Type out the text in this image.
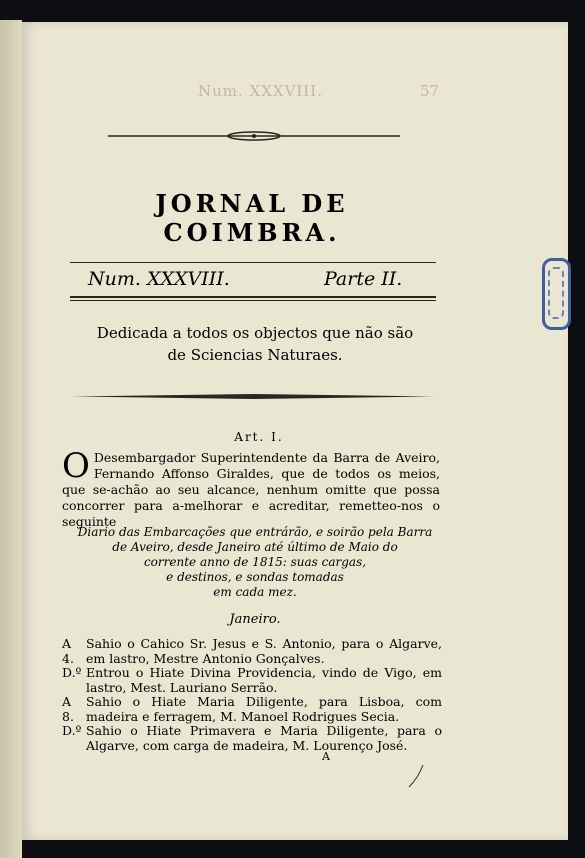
Num. XXXVIII.	57
JORNAL DE COIMBRA.
Num. XXXVIII.	Parte II.
Dedicada a todos os objectos que não são
de Sciencias Naturaes.
Art. I.
O Desembargador Superintendente da Barra de Aveiro, Fernando Affonso Giraldes, que de todos os meios, que se-achão ao seu alcance, nenhum omitte que possa concorrer para a-melhorar e acreditar, remetteo-nos o seguinte
Diario das Embarcações que entrárão, e soirão pela Barra
de Aveiro, desde Janeiro até último de Maio do
corrente anno de 1815: suas cargas,
e destinos, e sondas tomadas
em cada mez.
Janeiro.
A 4.
Sahio o Cahico Sr. Jesus e S. Antonio, para o Algarve, em lastro, Mestre Antonio Gonçalves.
D.º Entrou o Hiate Divina Providencia, vindo de Vigo, em lastro, Mest. Lauriano Serrão.
A 8.
Sahio o Hiate Maria Diligente, para Lisboa, com madeira e ferragem, M. Manoel Rodrigues Secia.
D.º Sahio o Hiate Primavera e Maria Diligente, para o Algarve, com carga de madeira, M. Lourenço José.
A
